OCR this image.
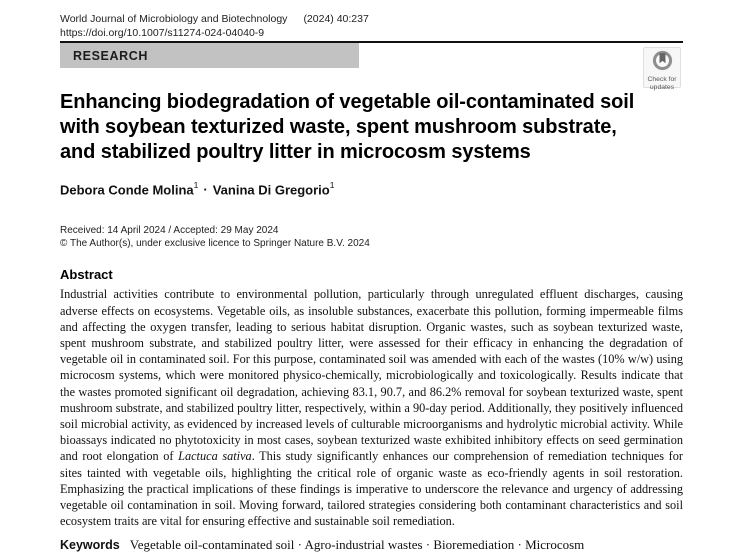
World Journal of Microbiology and Biotechnology (2024) 40:237
https://doi.org/10.1007/s11274-024-04040-9
RESEARCH
Check for
updates
Enhancing biodegradation of vegetable oil-contaminated soil
with soybean texturized waste, spent mushroom substrate,
and stabilized poultry litter in microcosm systems
Debora Conde Molina$^1$ · Vanina Di Gregorio$^1$
Received: 14 April 2024 / Accepted: 29 May 2024
© The Author(s), under exclusive licence to Springer Nature B.V. 2024
Abstract

Industrial activities contribute to environmental pollution, particularly through unregulated effluent discharges, causing adverse effects on ecosystems. Vegetable oils, as insoluble substances, exacerbate this pollution, forming impermeable films and affecting the oxygen transfer, leading to serious habitat disruption. Organic wastes, such as soybean texturized waste, spent mushroom substrate, and stabilized poultry litter, were assessed for their efficacy in enhancing the degradation of vegetable oil in contaminated soil. For this purpose, contaminated soil was amended with each of the wastes (10% w/w) using microcosm systems, which were monitored physico-chemically, microbiologically and toxicologically. Results indicate that the wastes promoted significant oil degradation, achieving 83.1, 90.7, and 86.2% removal for soybean texturized waste, spent mushroom substrate, and stabilized poultry litter, respectively, within a 90-day period. Additionally, they positively influenced soil microbial activity, as evidenced by increased levels of culturable microorganisms and hydrolytic microbial activity. While bioassays indicated no phytotoxicity in most cases, soybean texturized waste exhibited inhibitory effects on seed germination and root elongation of Lactuca sativa. This study significantly enhances our comprehension of remediation techniques for sites tainted with vegetable oils, highlighting the critical role of organic waste as eco-friendly agents in soil restoration. Emphasizing the practical implications of these findings is imperative to underscore the relevance and urgency of addressing vegetable oil contamination in soil. Moving forward, tailored strategies considering both contaminant characteristics and soil ecosystem traits are vital for ensuring effective and sustainable soil remediation.

Keywords Vegetable oil-contaminated soil · Agro-industrial wastes · Bioremediation · Microcosm
